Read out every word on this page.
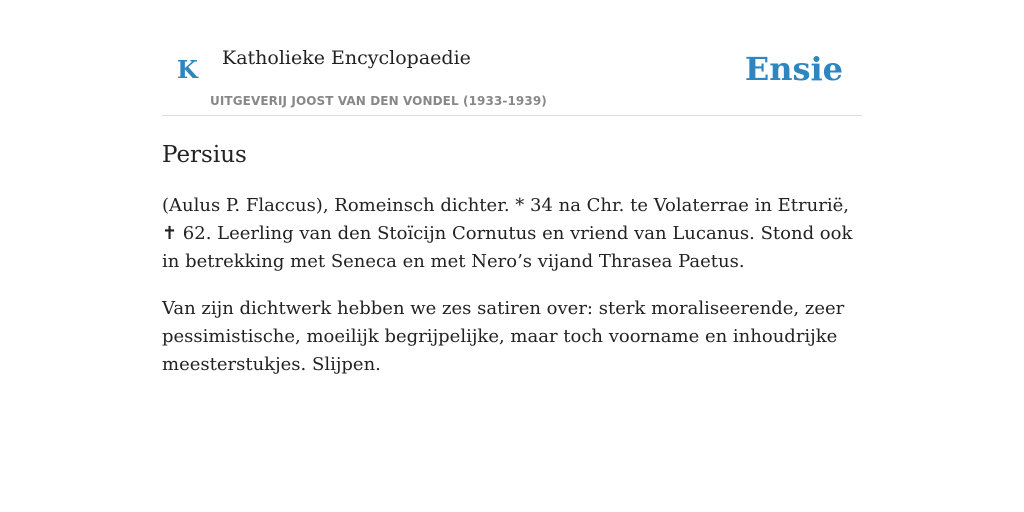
K Katholieke Encyclopaedie
UITGEVERIJ JOOST VAN DEN VONDEL (1933-1939)
Ensie
Persius

(Aulus P. Flaccus), Romeinsch dichter. * 34 na Chr. te Volaterrae in Etrurië, ✝ 62. Leerling van den Stoïcijn Cornutus en vriend van Lucanus. Stond ook in betrekking met Seneca en met Nero’s vijand Thrasea Paetus.

Van zijn dichtwerk hebben we zes satiren over: sterk moraliseerende, zeer pessimistische, moeilijk begrijpelijke, maar toch voorname en inhoudrijke meesterstukjes. Slijpen.
